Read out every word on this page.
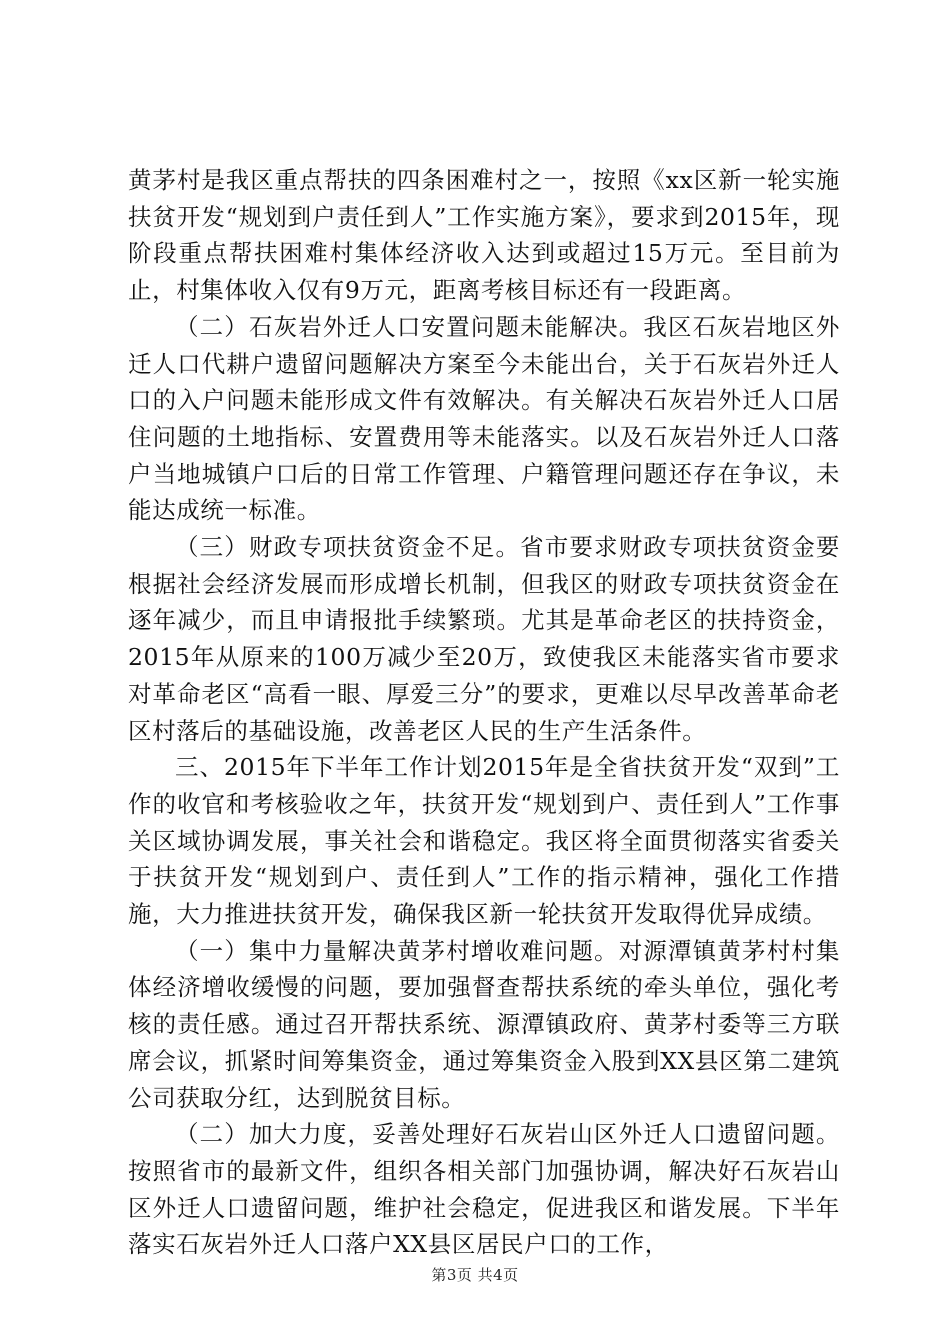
黄茅村是我区重点帮扶的四条困难村之一，按照《xx区新一轮实施扶贫开发“规划到户责任到人”工作实施方案》，要求到2015年，现阶段重点帮扶困难村集体经济收入达到或超过15万元。至目前为止，村集体收入仅有9万元，距离考核目标还有一段距离。

（二）石灰岩外迁人口安置问题未能解决。我区石灰岩地区外迁人口代耕户遗留问题解决方案至今未能出台，关于石灰岩外迁人口的入户问题未能形成文件有效解决。有关解决石灰岩外迁人口居住问题的土地指标、安置费用等未能落实。以及石灰岩外迁人口落户当地城镇户口后的日常工作管理、户籍管理问题还存在争议，未能达成统一标准。

（三）财政专项扶贫资金不足。省市要求财政专项扶贫资金要根据社会经济发展而形成增长机制，但我区的财政专项扶贫资金在逐年减少，而且申请报批手续繁琐。尤其是革命老区的扶持资金，2015年从原来的100万减少至20万，致使我区未能落实省市要求对革命老区“高看一眼、厚爱三分”的要求，更难以尽早改善革命老区村落后的基础设施，改善老区人民的生产生活条件。

三、2015年下半年工作计划2015年是全省扶贫开发“双到”工作的收官和考核验收之年，扶贫开发“规划到户、责任到人”工作事关区域协调发展，事关社会和谐稳定。我区将全面贯彻落实省委关于扶贫开发“规划到户、责任到人”工作的指示精神，强化工作措施，大力推进扶贫开发，确保我区新一轮扶贫开发取得优异成绩。

（一）集中力量解决黄茅村增收难问题。对源潭镇黄茅村村集体经济增收缓慢的问题，要加强督查帮扶系统的牵头单位，强化考核的责任感。通过召开帮扶系统、源潭镇政府、黄茅村委等三方联席会议，抓紧时间筹集资金，通过筹集资金入股到XX县区第二建筑公司获取分红，达到脱贫目标。

（二）加大力度，妥善处理好石灰岩山区外迁人口遗留问题。按照省市的最新文件，组织各相关部门加强协调，解决好石灰岩山区外迁人口遗留问题，维护社会稳定，促进我区和谐发展。下半年落实石灰岩外迁人口落户XX县区居民户口的工作，

第3页 共4页
